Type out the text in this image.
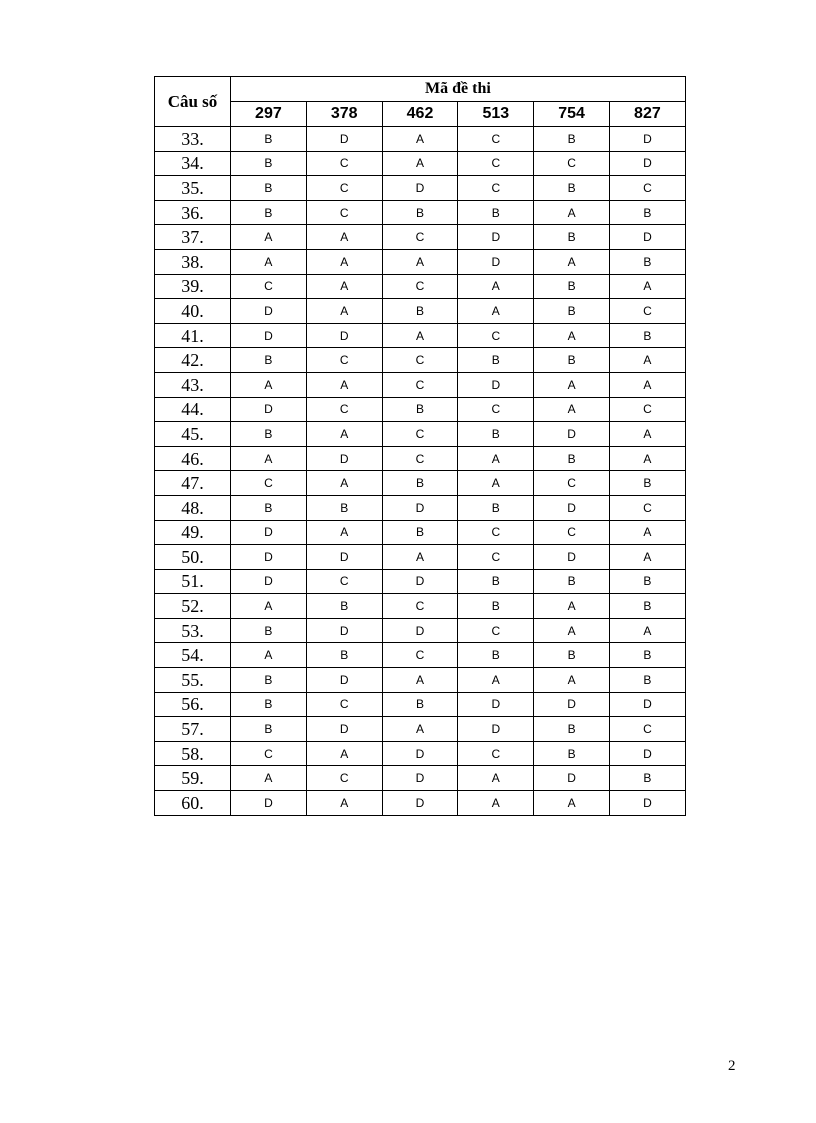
Câu số	Mã đề thi					
	297	378	462	513	754	827
33.	B	D	A	C	B	D
34.	B	C	A	C	C	D
35.	B	C	D	C	B	C
36.	B	C	B	B	A	B
37.	A	A	C	D	B	D
38.	A	A	A	D	A	B
39.	C	A	C	A	B	A
40.	D	A	B	A	B	C
41.	D	D	A	C	A	B
42.	B	C	C	B	B	A
43.	A	A	C	D	A	A
44.	D	C	B	C	A	C
45.	B	A	C	B	D	A
46.	A	D	C	A	B	A
47.	C	A	B	A	C	B
48.	B	B	D	B	D	C
49.	D	A	B	C	C	A
50.	D	D	A	C	D	A
51.	D	C	D	B	B	B
52.	A	B	C	B	A	B
53.	B	D	D	C	A	A
54.	A	B	C	B	B	B
55.	B	D	A	A	A	B
56.	B	C	B	D	D	D
57.	B	D	A	D	B	C
58.	C	A	D	C	B	D
59.	A	C	D	A	D	B
60.	D	A	D	A	A	D
2
